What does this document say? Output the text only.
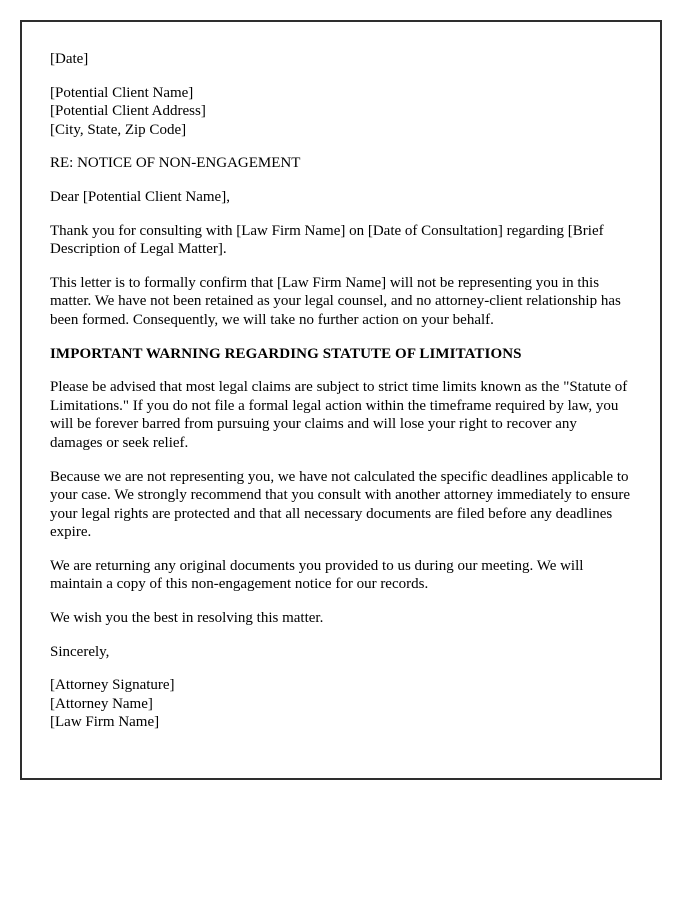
[Date]

[Potential Client Name]
[Potential Client Address]
[City, State, Zip Code]

RE: NOTICE OF NON-ENGAGEMENT

Dear [Potential Client Name],

Thank you for consulting with [Law Firm Name] on [Date of Consultation] regarding [Brief Description of Legal Matter].

This letter is to formally confirm that [Law Firm Name] will not be representing you in this matter. We have not been retained as your legal counsel, and no attorney-client relationship has been formed. Consequently, we will take no further action on your behalf.

IMPORTANT WARNING REGARDING STATUTE OF LIMITATIONS

Please be advised that most legal claims are subject to strict time limits known as the "Statute of Limitations." If you do not file a formal legal action within the timeframe required by law, you will be forever barred from pursuing your claims and will lose your right to recover any damages or seek relief.

Because we are not representing you, we have not calculated the specific deadlines applicable to your case. We strongly recommend that you consult with another attorney immediately to ensure your legal rights are protected and that all necessary documents are filed before any deadlines expire.

We are returning any original documents you provided to us during our meeting. We will maintain a copy of this non-engagement notice for our records.

We wish you the best in resolving this matter.

Sincerely,

[Attorney Signature]
[Attorney Name]
[Law Firm Name]
